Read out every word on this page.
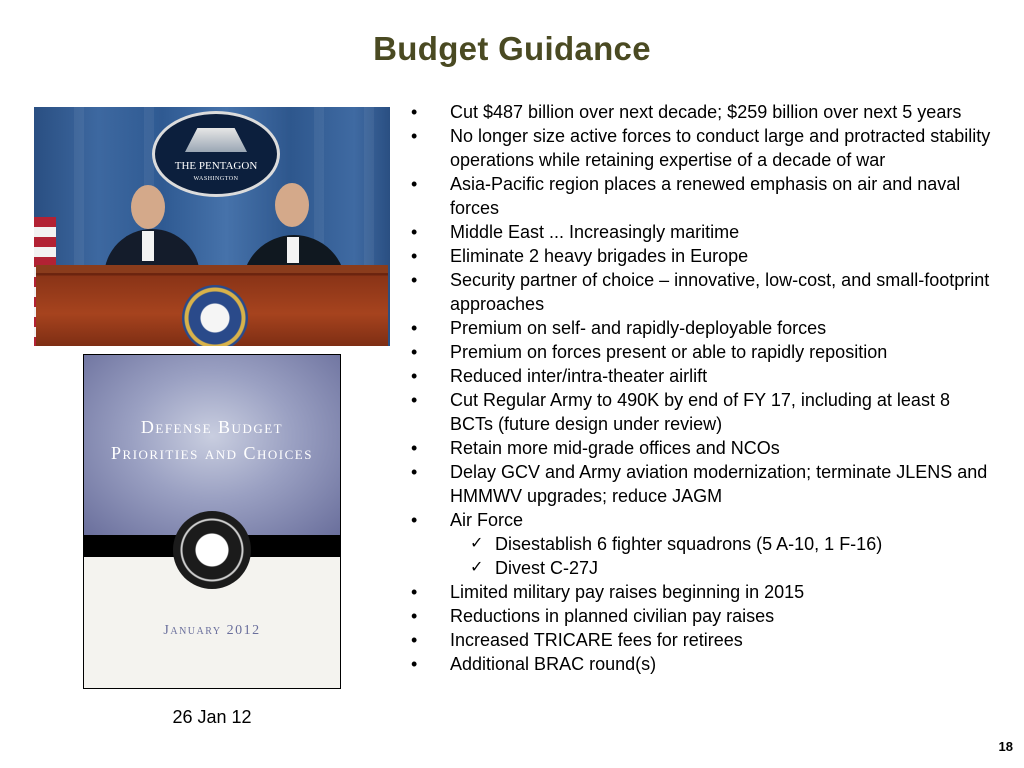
Budget Guidance
THE PENTAGON
WASHINGTON
Defense Budget
Priorities and Choices
January 2012
26 Jan 12
• Cut $487 billion over next decade; $259 billion over next 5 years
• No longer size active forces to conduct large and protracted stability operations while retaining expertise of a decade of war
• Asia-Pacific region places a renewed emphasis on air and naval forces
• Middle East ... Increasingly maritime
• Eliminate 2 heavy brigades in Europe
• Security partner of choice – innovative, low-cost, and small-footprint approaches
• Premium on self- and rapidly-deployable forces
• Premium on forces present or able to rapidly reposition
• Reduced inter/intra-theater airlift
• Cut Regular Army to 490K by end of FY 17, including at least 8 BCTs (future design under review)
• Retain more mid-grade offices and NCOs
• Delay GCV and Army aviation modernization; terminate JLENS and HMMWV upgrades; reduce JAGM
• Air Force
✓ Disestablish 6 fighter squadrons (5 A-10, 1 F-16)
✓ Divest C-27J
• Limited military pay raises beginning in 2015
• Reductions in planned civilian pay raises
• Increased TRICARE fees for retirees
• Additional BRAC round(s)
18
